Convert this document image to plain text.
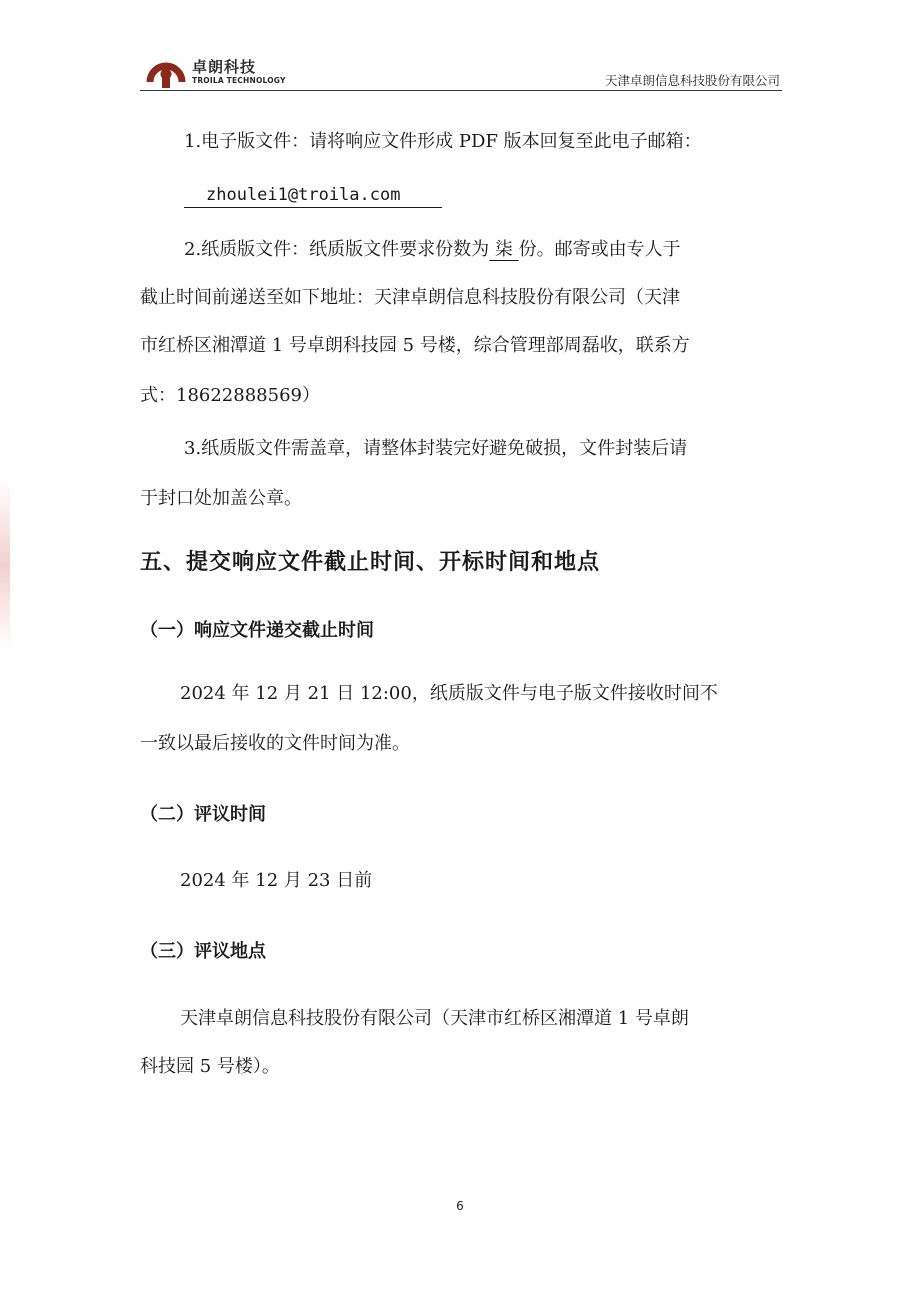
卓朗科技
TROILA TECHNOLOGY	天津卓朗信息科技股份有限公司
1.电子版文件：请将响应文件形成 PDF 版本回复至此电子邮箱：
zhoulei1@troila.com
2.纸质版文件：纸质版文件要求份数为 柒 份。邮寄或由专人于
截止时间前递送至如下地址：天津卓朗信息科技股份有限公司（天津
市红桥区湘潭道 1 号卓朗科技园 5 号楼，综合管理部周磊收，联系方
式：18622888569）
3.纸质版文件需盖章，请整体封装完好避免破损，文件封装后请
于封口处加盖公章。
五、提交响应文件截止时间、开标时间和地点
（一）响应文件递交截止时间
2024 年 12 月 21 日 12:00，纸质版文件与电子版文件接收时间不
一致以最后接收的文件时间为准。
（二）评议时间
2024 年 12 月 23 日前
（三）评议地点
天津卓朗信息科技股份有限公司（天津市红桥区湘潭道 1 号卓朗
科技园 5 号楼）。
6
